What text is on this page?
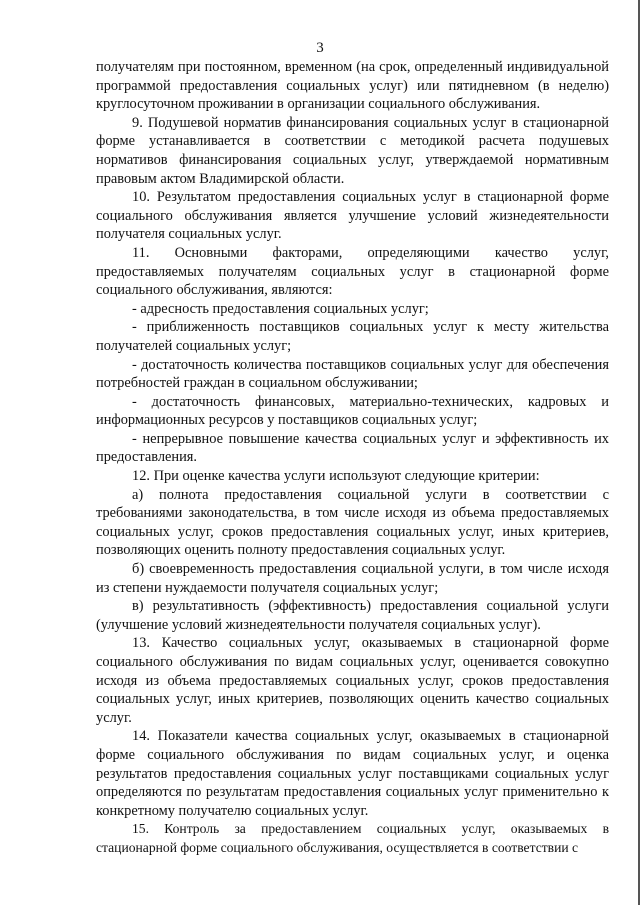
3

получателям при постоянном, временном (на срок, определенный индивидуальной программой предоставления социальных услуг) или пятидневном (в неделю) круглосуточном проживании в организации социального обслуживания.

9. Подушевой норматив финансирования социальных услуг в стационарной форме устанавливается в соответствии с методикой расчета подушевых нормативов финансирования социальных услуг, утверждаемой нормативным правовым актом Владимирской области.

10. Результатом предоставления социальных услуг в стационарной форме социального обслуживания является улучшение условий жизнедеятельности получателя социальных услуг.

11. Основными факторами, определяющими качество услуг, предоставляемых получателям социальных услуг в стационарной форме социального обслуживания, являются:

- адресность предоставления социальных услуг;

- приближенность поставщиков социальных услуг к месту жительства получателей социальных услуг;

- достаточность количества поставщиков социальных услуг для обеспечения потребностей граждан в социальном обслуживании;

- достаточность финансовых, материально-технических, кадровых и информационных ресурсов у поставщиков социальных услуг;

- непрерывное повышение качества социальных услуг и эффективность их предоставления.

12. При оценке качества услуги используют следующие критерии:

а) полнота предоставления социальной услуги в соответствии с требованиями законодательства, в том числе исходя из объема предоставляемых социальных услуг, сроков предоставления социальных услуг, иных критериев, позволяющих оценить полноту предоставления социальных услуг.

б) своевременность предоставления социальной услуги, в том числе исходя из степени нуждаемости получателя социальных услуг;

в) результативность (эффективность) предоставления социальной услуги (улучшение условий жизнедеятельности получателя социальных услуг).

13. Качество социальных услуг, оказываемых в стационарной форме социального обслуживания по видам социальных услуг, оценивается совокупно исходя из объема предоставляемых социальных услуг, сроков предоставления социальных услуг, иных критериев, позволяющих оценить качество социальных услуг.

14. Показатели качества социальных услуг, оказываемых в стационарной форме социального обслуживания по видам социальных услуг, и оценка результатов предоставления социальных услуг поставщиками социальных услуг определяются по результатам предоставления социальных услуг применительно к конкретному получателю социальных услуг.

15. Контроль за предоставлением социальных услуг, оказываемых в стационарной форме социального обслуживания, осуществляется в соответствии с
